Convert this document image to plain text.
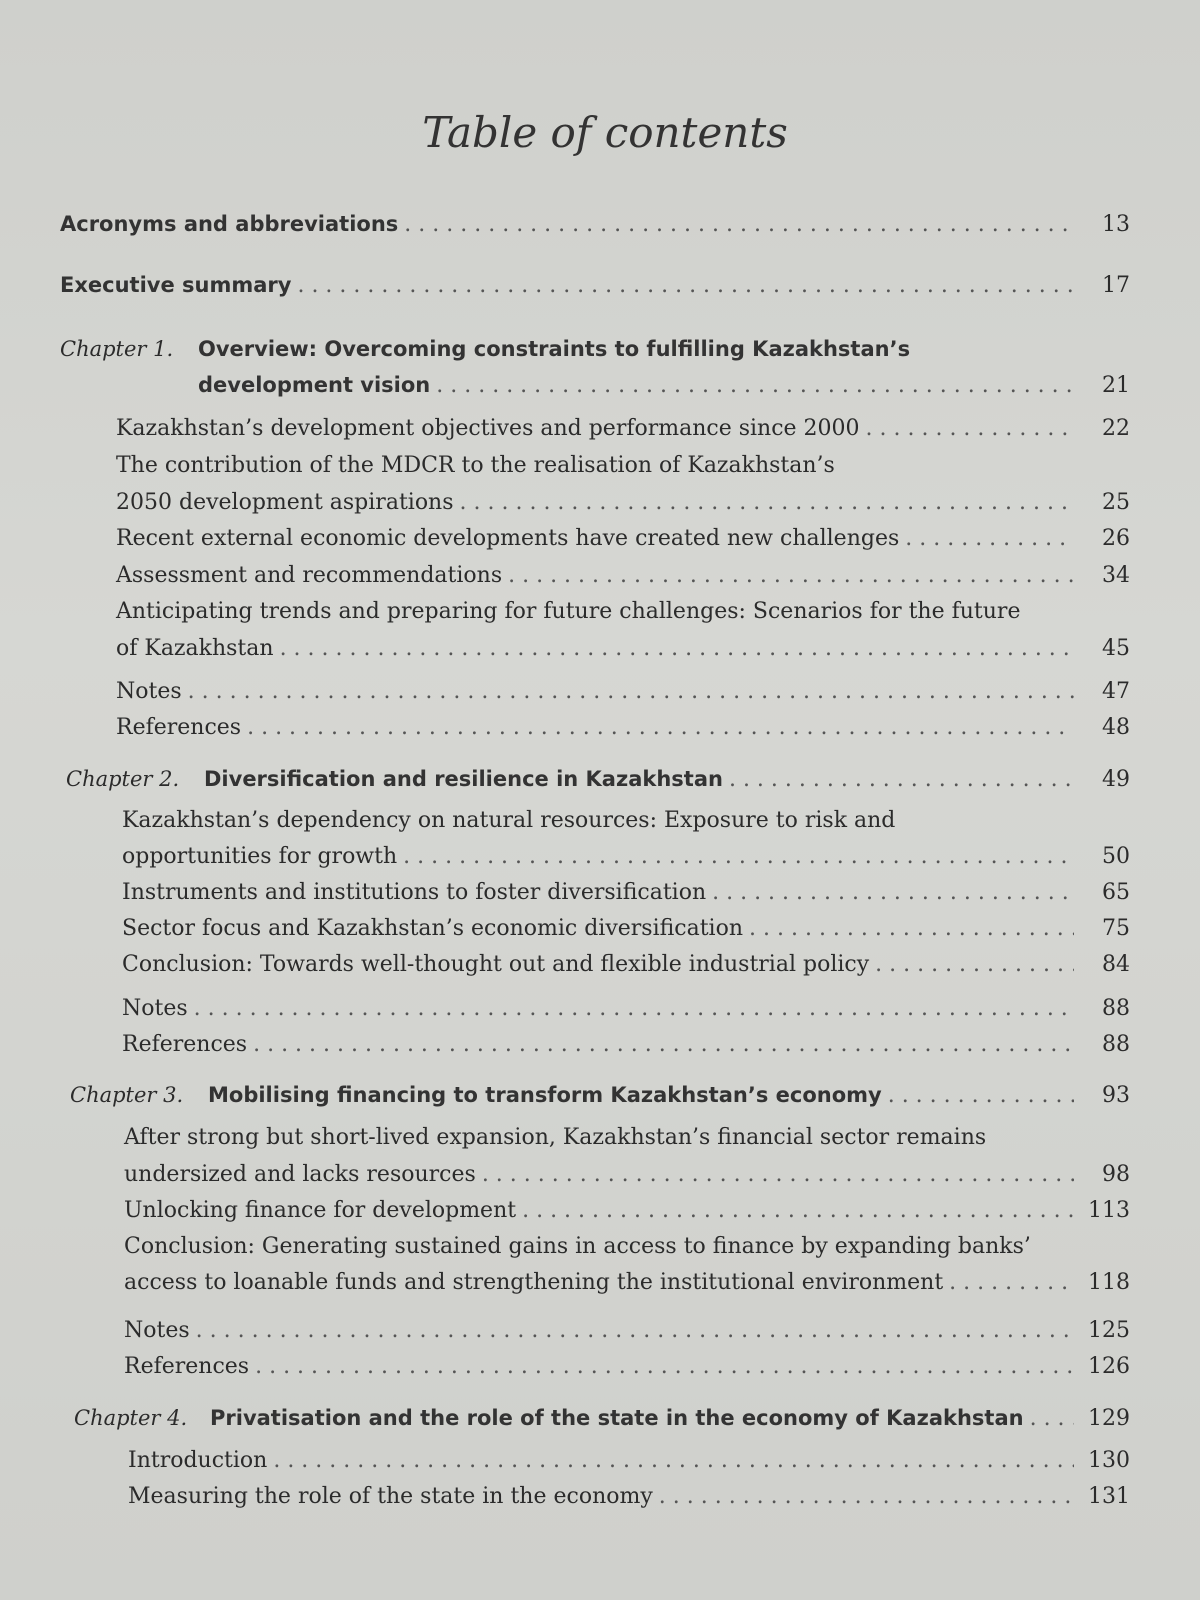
Table of contents
Acronyms and abbreviations . . .	13
Executive summary . . .	17
Chapter 1. Overview: Overcoming constraints to fulfilling Kazakhstan’s
development vision . . .	21
Kazakhstan’s development objectives and performance since 2000 . . .	22
The contribution of the MDCR to the realisation of Kazakhstan’s
2050 development aspirations . . .	25
Recent external economic developments have created new challenges . . .	26
Assessment and recommendations . . .	34
Anticipating trends and preparing for future challenges: Scenarios for the future
of Kazakhstan . . .	45
Notes . . .	47
References . . .	48
Chapter 2. Diversification and resilience in Kazakhstan . . .	49
Kazakhstan’s dependency on natural resources: Exposure to risk and
opportunities for growth . . .	50
Instruments and institutions to foster diversification . . .	65
Sector focus and Kazakhstan’s economic diversification . . .	75
Conclusion: Towards well-thought out and flexible industrial policy . . .	84
Notes . . .	88
References . . .	88
Chapter 3. Mobilising financing to transform Kazakhstan’s economy . . .	93
After strong but short-lived expansion, Kazakhstan’s financial sector remains
undersized and lacks resources . . .	98
Unlocking finance for development . . .	113
Conclusion: Generating sustained gains in access to finance by expanding banks’
access to loanable funds and strengthening the institutional environment . . .	118
Notes . . .	125
References . . .	126
Chapter 4. Privatisation and the role of the state in the economy of Kazakhstan . . .	129
Introduction . . .	130
Measuring the role of the state in the economy . . .	131
